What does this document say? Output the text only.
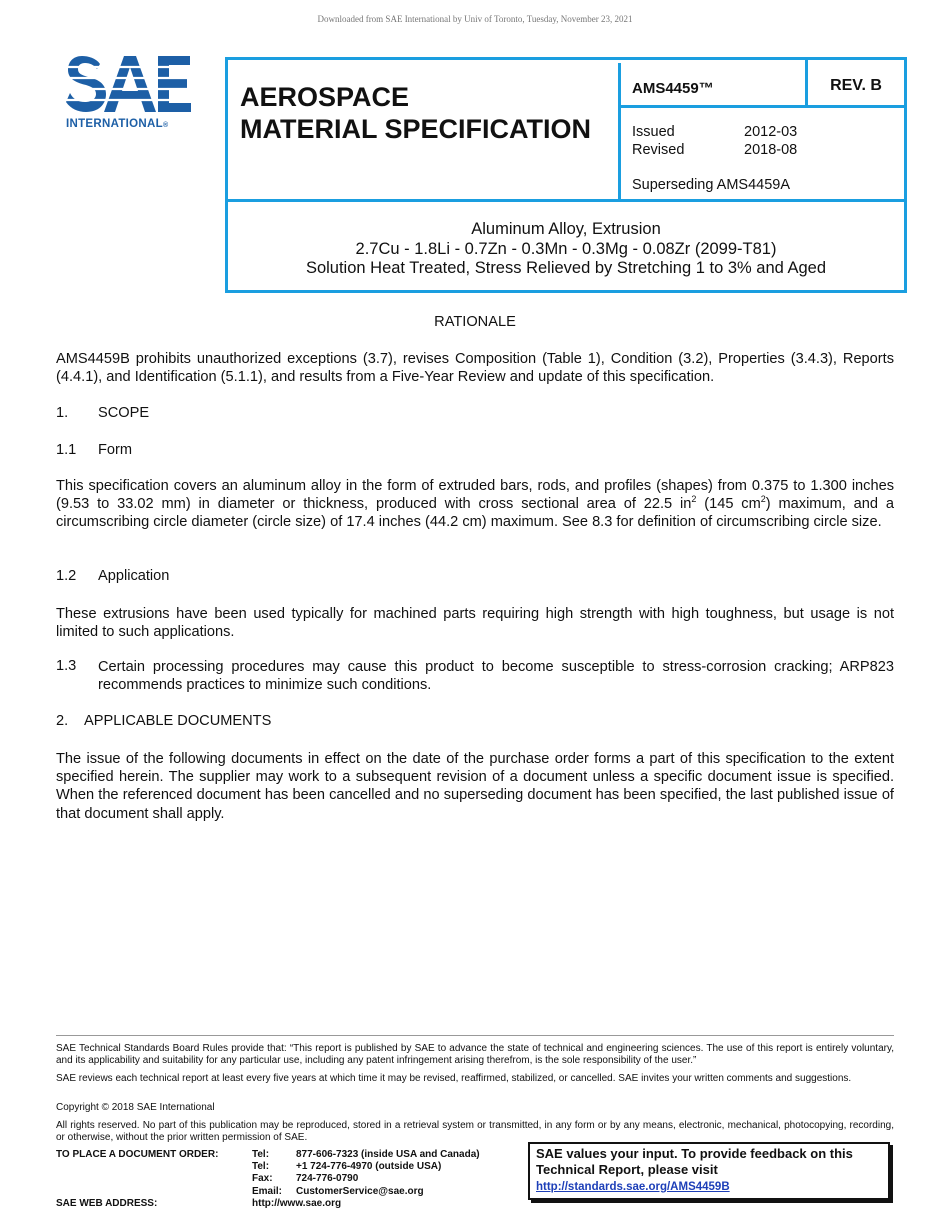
Downloaded from SAE International by Univ of Toronto, Tuesday, November 23, 2021
INTERNATIONAL®
AEROSPACE
MATERIAL SPECIFICATION
AMS4459™	REV. B
Issued	2012-03
Revised	2018-08
Superseding AMS4459A
Aluminum Alloy, Extrusion
2.7Cu - 1.8Li - 0.7Zn - 0.3Mn - 0.3Mg - 0.08Zr (2099-T81)
Solution Heat Treated, Stress Relieved by Stretching 1 to 3% and Aged
RATIONALE
AMS4459B prohibits unauthorized exceptions (3.7), revises Composition (Table 1), Condition (3.2), Properties (3.4.3), Reports (4.4.1), and Identification (5.1.1), and results from a Five-Year Review and update of this specification.
1. SCOPE
1.1 Form
This specification covers an aluminum alloy in the form of extruded bars, rods, and profiles (shapes) from 0.375 to 1.300 inches (9.53 to 33.02 mm) in diameter or thickness, produced with cross sectional area of 22.5 $in^2$ (145 $cm^2$) maximum, and a circumscribing circle diameter (circle size) of 17.4 inches (44.2 cm) maximum. See 8.3 for definition of circumscribing circle size.
1.2 Application
These extrusions have been used typically for machined parts requiring high strength with high toughness, but usage is not limited to such applications.
1.3	Certain processing procedures may cause this product to become susceptible to stress-corrosion cracking; ARP823 recommends practices to minimize such conditions.
2. APPLICABLE DOCUMENTS
The issue of the following documents in effect on the date of the purchase order forms a part of this specification to the extent specified herein. The supplier may work to a subsequent revision of a document unless a specific document issue is specified. When the referenced document has been cancelled and no superseding document has been specified, the last published issue of that document shall apply.
SAE Technical Standards Board Rules provide that: “This report is published by SAE to advance the state of technical and engineering sciences. The use of this report is entirely voluntary, and its applicability and suitability for any particular use, including any patent infringement arising therefrom, is the sole responsibility of the user.”
SAE reviews each technical report at least every five years at which time it may be revised, reaffirmed, stabilized, or cancelled. SAE invites your written comments and suggestions.
Copyright © 2018 SAE International
All rights reserved. No part of this publication may be reproduced, stored in a retrieval system or transmitted, in any form or by any means, electronic, mechanical, photocopying, recording, or otherwise, without the prior written permission of SAE.
TO PLACE A DOCUMENT ORDER:	Tel:	877-606-7323 (inside USA and Canada)
Tel:	+1 724-776-4970 (outside USA)
Fax: 724-776-0790
Email: CustomerService@sae.org
SAE WEB ADDRESS:	http://www.sae.org
SAE values your input. To provide feedback on this Technical Report, please visit
http://standards.sae.org/AMS4459B
